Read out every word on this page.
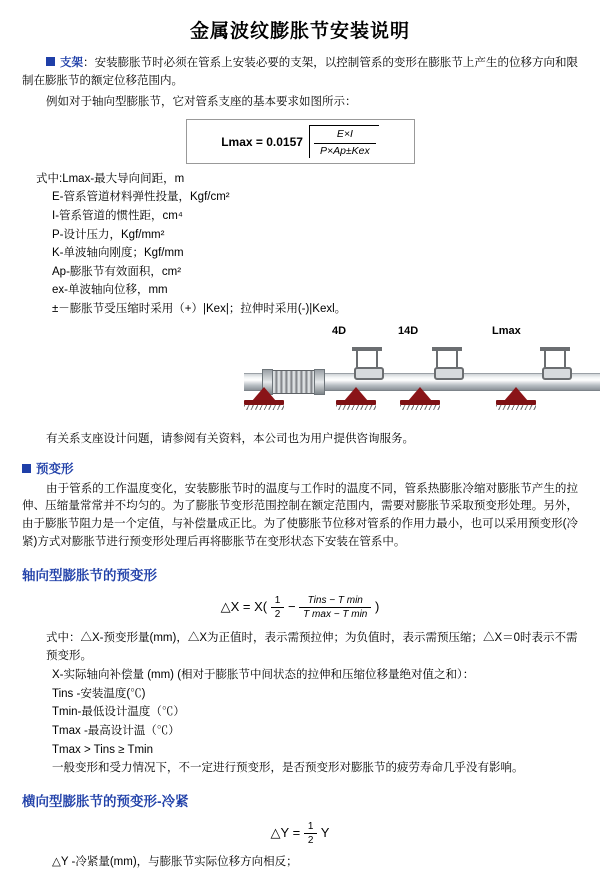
金属波纹膨胀节安装说明

支架：安装膨胀节时必须在管系上安装必要的支架，以控制管系的变形在膨胀节上产生的位移方向和限制在膨胀节的额定位移范围内。

例如对于轴向型膨胀节，它对管系支座的基本要求如图所示：

$Lmax = 0.0157 \frac{E\times I}{\text{P×Ap±Kex}}$
式中:Lmax-最大导向间距，m
E-管系管道材料弹性投量，Kgf/cm²
I-管系管道的惯性距，cm⁴
P-设计压力，Kgf/mm²
K-单波轴向刚度；Kgf/mm
Ap-膨胀节有效面积，cm²
ex-单波轴向位移，mm
±－膨胀节受压缩时采用（+）|Kex|；拉伸时采用(-)|Kexl。
4D	14D	Lmax

有关系支座设计问题，请参阅有关资料，本公司也为用户提供咨询服务。

预变形

由于管系的工作温度变化，安装膨胀节时的温度与工作时的温度不同，管系热膨胀冷缩对膨胀节产生的拉伸、压缩量常常并不均匀的。为了膨胀节变形范围控制在额定范围内，需要对膨胀节采取预变形处理。另外，由于膨胀节阻力是一个定值，与补偿量成正比。为了使膨胀节位移对管系的作用力最小，也可以采用预变形(冷紧)方式对膨胀节进行预变形处理后再将膨胀节在变形状态下安装在管系中。

轴向型膨胀节的预变形
△X = $X( \frac{1}{2} - \frac{\text{Tins − T min}}{\text{T max − T min}}$ )
式中：△X-预变形量(mm)，△X为正值时，表示需预拉伸；为负值时，表示需预压缩；△X＝0时表示不需预变形。
X-实际轴向补偿量 (mm) (相对于膨胀节中间状态的拉伸和压缩位移量绝对值之和）：
Tins -安装温度(℃)
Tmin-最低设计温度（℃）
Tmax -最高设计温（℃）
Tmax > Tins ≥ Tmin
一般变形和受力情况下，不一定进行预变形，是否预变形对膨胀节的疲劳寿命几乎没有影响。
横向型膨胀节的预变形-冷紧
△Y = $\frac{1}{2}$ Y
△Y -冷紧量(mm)，与膨胀节实际位移方向相反；
